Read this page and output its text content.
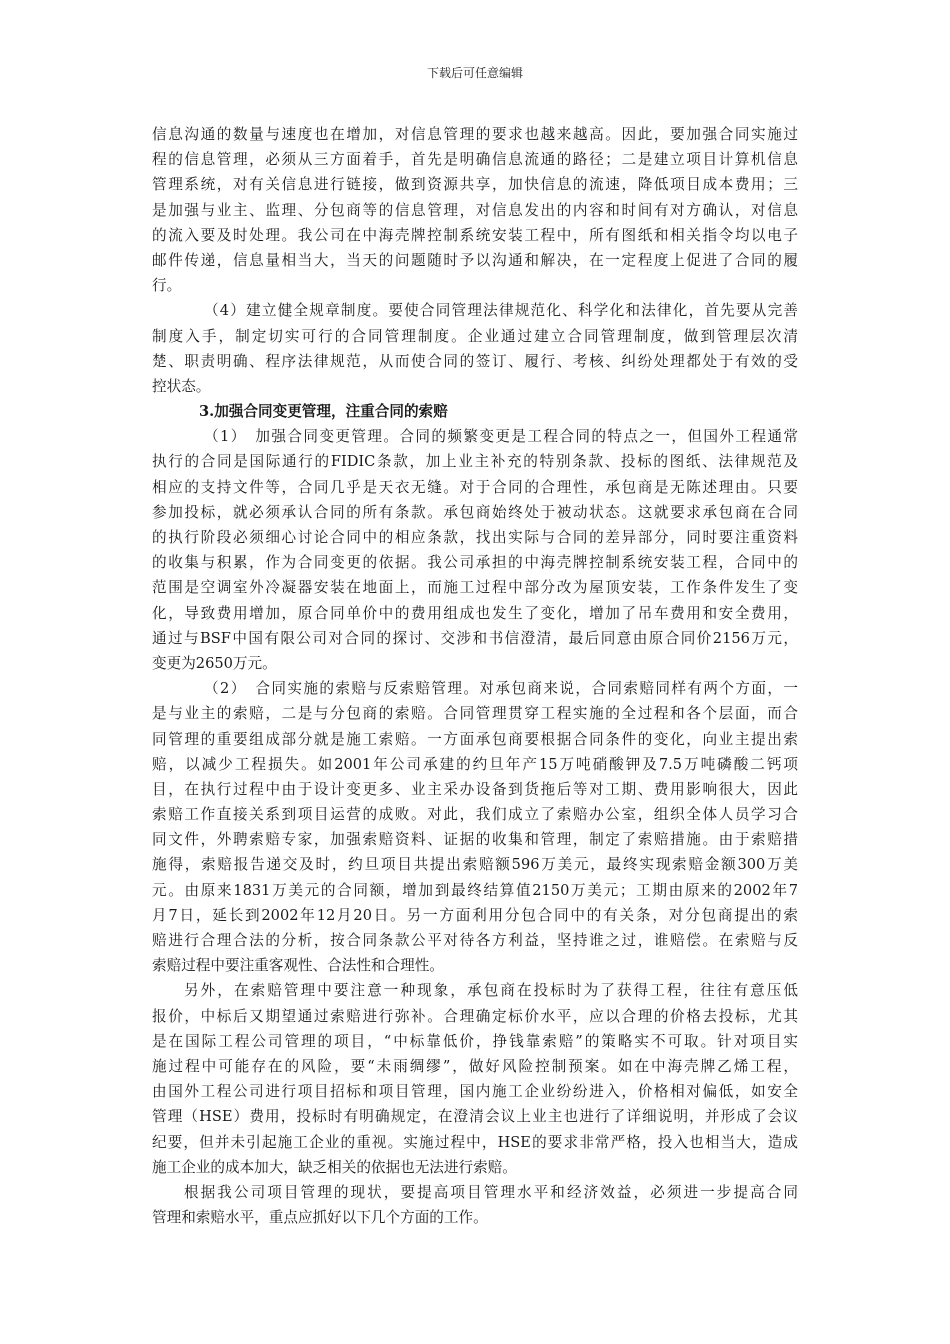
下载后可任意编辑
信息沟通的数量与速度也在增加，对信息管理的要求也越来越高。因此，要加强合同实施过
程的信息管理，必须从三方面着手，首先是明确信息流通的路径；二是建立项目计算机信息
管理系统，对有关信息进行链接，做到资源共享，加快信息的流速，降低项目成本费用；三
是加强与业主、监理、分包商等的信息管理，对信息发出的内容和时间有对方确认，对信息
的流入要及时处理。我公司在中海壳牌控制系统安装工程中，所有图纸和相关指令均以电子
邮件传递，信息量相当大，当天的问题随时予以沟通和解决，在一定程度上促进了合同的履
行。
（4）建立健全规章制度。要使合同管理法律规范化、科学化和法律化，首先要从完善
制度入手，制定切实可行的合同管理制度。企业通过建立合同管理制度，做到管理层次清
楚、职责明确、程序法律规范，从而使合同的签订、履行、考核、纠纷处理都处于有效的受
控状态。
3.加强合同变更管理，注重合同的索赔
（1）　加强合同变更管理。合同的频繁变更是工程合同的特点之一，但国外工程通常
执行的合同是国际通行的FIDIC条款，加上业主补充的特别条款、投标的图纸、法律规范及
相应的支持文件等，合同几乎是天衣无缝。对于合同的合理性，承包商是无陈述理由。只要
参加投标，就必须承认合同的所有条款。承包商始终处于被动状态。这就要求承包商在合同
的执行阶段必须细心讨论合同中的相应条款，找出实际与合同的差异部分，同时要注重资料
的收集与积累，作为合同变更的依据。我公司承担的中海壳牌控制系统安装工程，合同中的
范围是空调室外冷凝器安装在地面上，而施工过程中部分改为屋顶安装，工作条件发生了变
化，导致费用增加，原合同单价中的费用组成也发生了变化，增加了吊车费用和安全费用，
通过与BSF中国有限公司对合同的探讨、交涉和书信澄清，最后同意由原合同价2156万元，
变更为2650万元。
（2）　合同实施的索赔与反索赔管理。对承包商来说，合同索赔同样有两个方面，一
是与业主的索赔，二是与分包商的索赔。合同管理贯穿工程实施的全过程和各个层面，而合
同管理的重要组成部分就是施工索赔。一方面承包商要根据合同条件的变化，向业主提出索
赔，以减少工程损失。如2001年公司承建的约旦年产15万吨硝酸钾及7.5万吨磷酸二钙项
目，在执行过程中由于设计变更多、业主采办设备到货拖后等对工期、费用影响很大，因此
索赔工作直接关系到项目运营的成败。对此，我们成立了索赔办公室，组织全体人员学习合
同文件，外聘索赔专家，加强索赔资料、证据的收集和管理，制定了索赔措施。由于索赔措
施得，索赔报告递交及时，约旦项目共提出索赔额596万美元，最终实现索赔金额300万美
元。由原来1831万美元的合同额，增加到最终结算值2150万美元；工期由原来的2002年7
月7日，延长到2002年12月20日。另一方面利用分包合同中的有关条，对分包商提出的索
赔进行合理合法的分析，按合同条款公平对待各方利益，坚持谁之过，谁赔偿。在索赔与反
索赔过程中要注重客观性、合法性和合理性。
另外，在索赔管理中要注意一种现象，承包商在投标时为了获得工程，往往有意压低
报价，中标后又期望通过索赔进行弥补。合理确定标价水平，应以合理的价格去投标，尤其
是在国际工程公司管理的项目，“中标靠低价，挣钱靠索赔”的策略实不可取。针对项目实
施过程中可能存在的风险，要“未雨绸缪”，做好风险控制预案。如在中海壳牌乙烯工程，
由国外工程公司进行项目招标和项目管理，国内施工企业纷纷进入，价格相对偏低，如安全
管理（HSE）费用，投标时有明确规定，在澄清会议上业主也进行了详细说明，并形成了会议
纪要，但并未引起施工企业的重视。实施过程中，HSE的要求非常严格，投入也相当大，造成
施工企业的成本加大，缺乏相关的依据也无法进行索赔。
根据我公司项目管理的现状，要提高项目管理水平和经济效益，必须进一步提高合同
管理和索赔水平，重点应抓好以下几个方面的工作。
